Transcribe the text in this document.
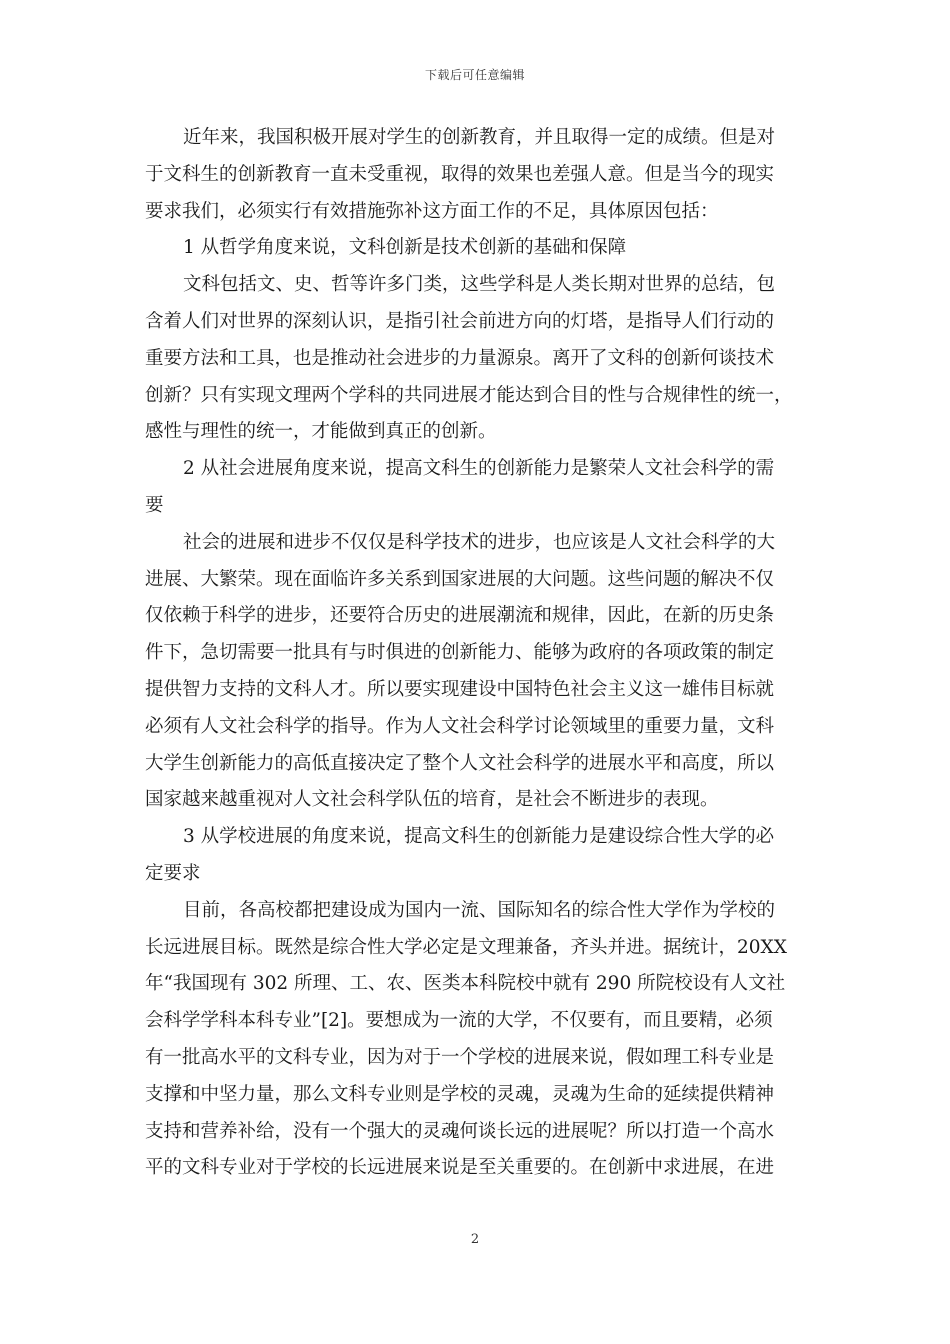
下载后可任意编辑
近年来，我国积极开展对学生的创新教育，并且取得一定的成绩。但是对
于文科生的创新教育一直未受重视，取得的效果也差强人意。但是当今的现实
要求我们，必须实行有效措施弥补这方面工作的不足，具体原因包括：
1 从哲学角度来说，文科创新是技术创新的基础和保障
文科包括文、史、哲等许多门类，这些学科是人类长期对世界的总结，包
含着人们对世界的深刻认识，是指引社会前进方向的灯塔，是指导人们行动的
重要方法和工具，也是推动社会进步的力量源泉。离开了文科的创新何谈技术
创新？只有实现文理两个学科的共同进展才能达到合目的性与合规律性的统一，
感性与理性的统一，才能做到真正的创新。
2 从社会进展角度来说，提高文科生的创新能力是繁荣人文社会科学的需
要
社会的进展和进步不仅仅是科学技术的进步，也应该是人文社会科学的大
进展、大繁荣。现在面临许多关系到国家进展的大问题。这些问题的解决不仅
仅依赖于科学的进步，还要符合历史的进展潮流和规律，因此，在新的历史条
件下，急切需要一批具有与时俱进的创新能力、能够为政府的各项政策的制定
提供智力支持的文科人才。所以要实现建设中国特色社会主义这一雄伟目标就
必须有人文社会科学的指导。作为人文社会科学讨论领域里的重要力量，文科
大学生创新能力的高低直接决定了整个人文社会科学的进展水平和高度，所以
国家越来越重视对人文社会科学队伍的培育，是社会不断进步的表现。
3 从学校进展的角度来说，提高文科生的创新能力是建设综合性大学的必
定要求
目前，各高校都把建设成为国内一流、国际知名的综合性大学作为学校的
长远进展目标。既然是综合性大学必定是文理兼备，齐头并进。据统计，20XX
年“我国现有 302 所理、工、农、医类本科院校中就有 290 所院校设有人文社
会科学学科本科专业”[2]。要想成为一流的大学，不仅要有，而且要精，必须
有一批高水平的文科专业，因为对于一个学校的进展来说，假如理工科专业是
支撑和中坚力量，那么文科专业则是学校的灵魂，灵魂为生命的延续提供精神
支持和营养补给，没有一个强大的灵魂何谈长远的进展呢？所以打造一个高水
平的文科专业对于学校的长远进展来说是至关重要的。在创新中求进展，在进
2
